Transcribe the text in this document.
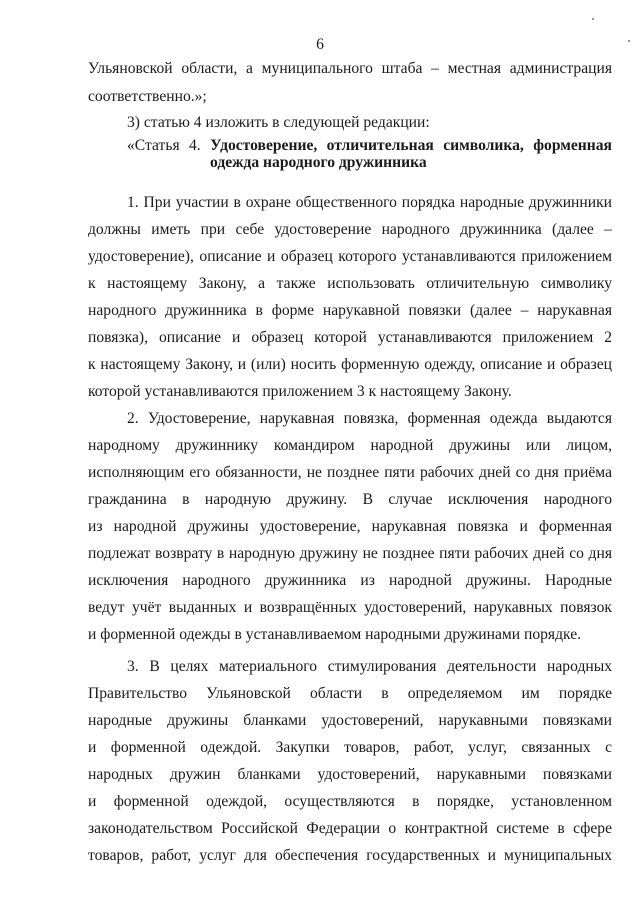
6
«Статья 4. Удостоверение, отличительная символика, форменная
одежда народного дружинника
Ульяновской области, а муниципального штаба – местная администрация
соответственно.»;
3) статью 4 изложить в следующей редакции:
1. При участии в охране общественного порядка народные дружинники
должны иметь при себе удостоверение народного дружинника (далее –
удостоверение), описание и образец которого устанавливаются приложением
к настоящему Закону, а также использовать отличительную символику
народного дружинника в форме нарукавной повязки (далее – нарукавная
повязка), описание и образец которой устанавливаются приложением 2
к настоящему Закону, и (или) носить форменную одежду, описание и образец
которой устанавливаются приложением 3 к настоящему Закону.
2. Удостоверение, нарукавная повязка, форменная одежда выдаются
народному дружиннику командиром народной дружины или лицом,
исполняющим его обязанности, не позднее пяти рабочих дней со дня приёма
гражданина в народную дружину. В случае исключения народного
из народной дружины удостоверение, нарукавная повязка и форменная
подлежат возврату в народную дружину не позднее пяти рабочих дней со дня
исключения народного дружинника из народной дружины. Народные
ведут учёт выданных и возвращённых удостоверений, нарукавных повязок
и форменной одежды в устанавливаемом народными дружинами порядке.
3. В целях материального стимулирования деятельности народных
Правительство Ульяновской области в определяемом им порядке
народные дружины бланками удостоверений, нарукавными повязками
и форменной одеждой. Закупки товаров, работ, услуг, связанных с
народных дружин бланками удостоверений, нарукавными повязками
и форменной одеждой, осуществляются в порядке, установленном
законодательством Российской Федерации о контрактной системе в сфере
товаров, работ, услуг для обеспечения государственных и муниципальных
